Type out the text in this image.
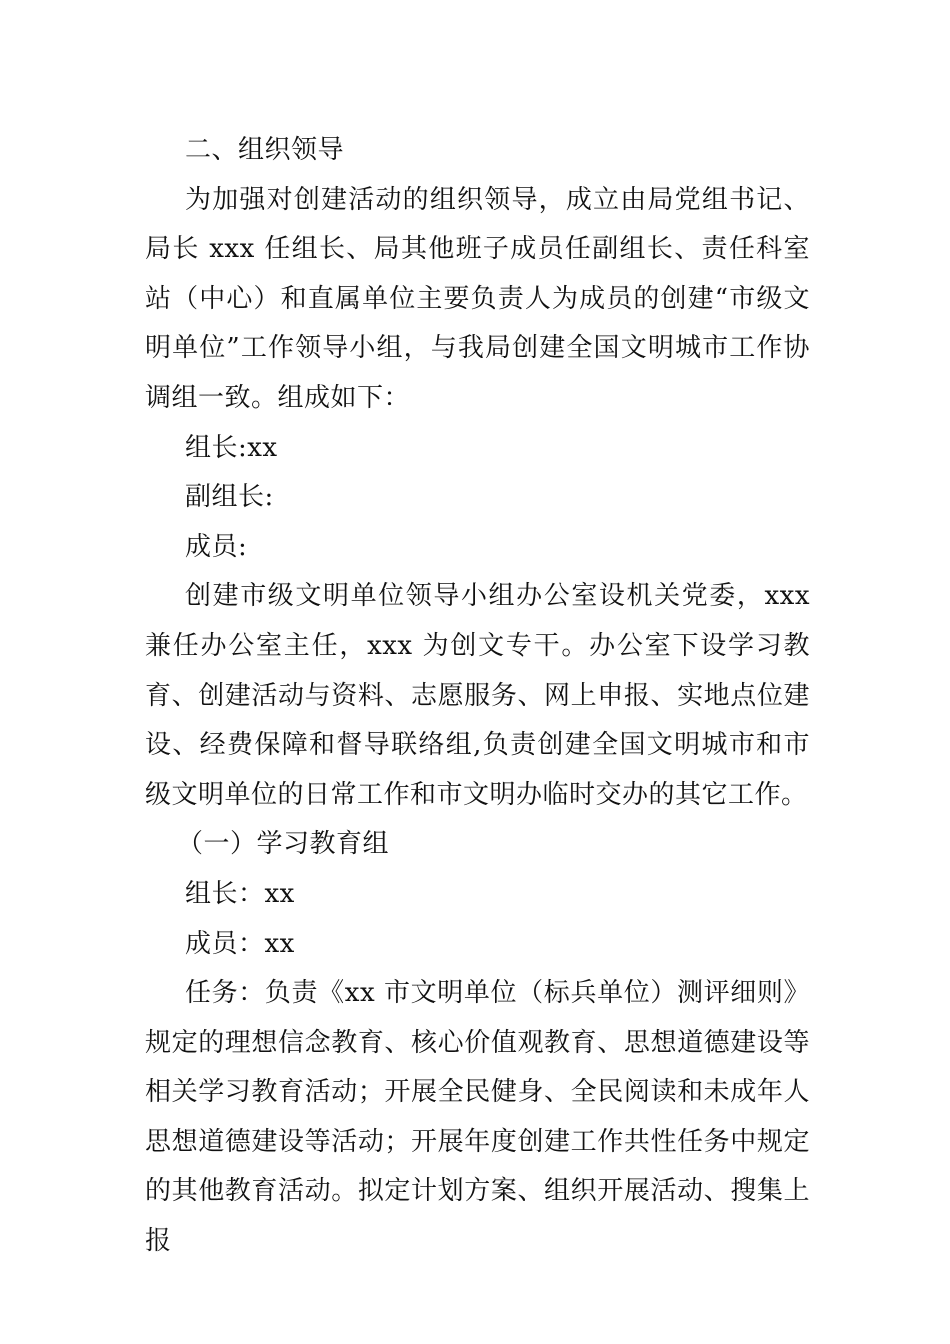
二、组织领导

为加强对创建活动的组织领导，成立由局党组书记、局长 xxx 任组长、局其他班子成员任副组长、责任科室站（中心）和直属单位主要负责人为成员的创建“市级文明单位”工作领导小组，与我局创建全国文明城市工作协调组一致。组成如下：

组长:xx

副组长:

成员:

创建市级文明单位领导小组办公室设机关党委，xxx 兼任办公室主任，xxx 为创文专干。办公室下设学习教育、创建活动与资料、志愿服务、网上申报、实地点位建设、经费保障和督导联络组,负责创建全国文明城市和市级文明单位的日常工作和市文明办临时交办的其它工作。

（一）学习教育组

组长：xx

成员：xx

任务：负责《xx 市文明单位（标兵单位）测评细则》规定的理想信念教育、核心价值观教育、思想道德建设等相关学习教育活动；开展全民健身、全民阅读和未成年人思想道德建设等活动；开展年度创建工作共性任务中规定的其他教育活动。拟定计划方案、组织开展活动、搜集上报
